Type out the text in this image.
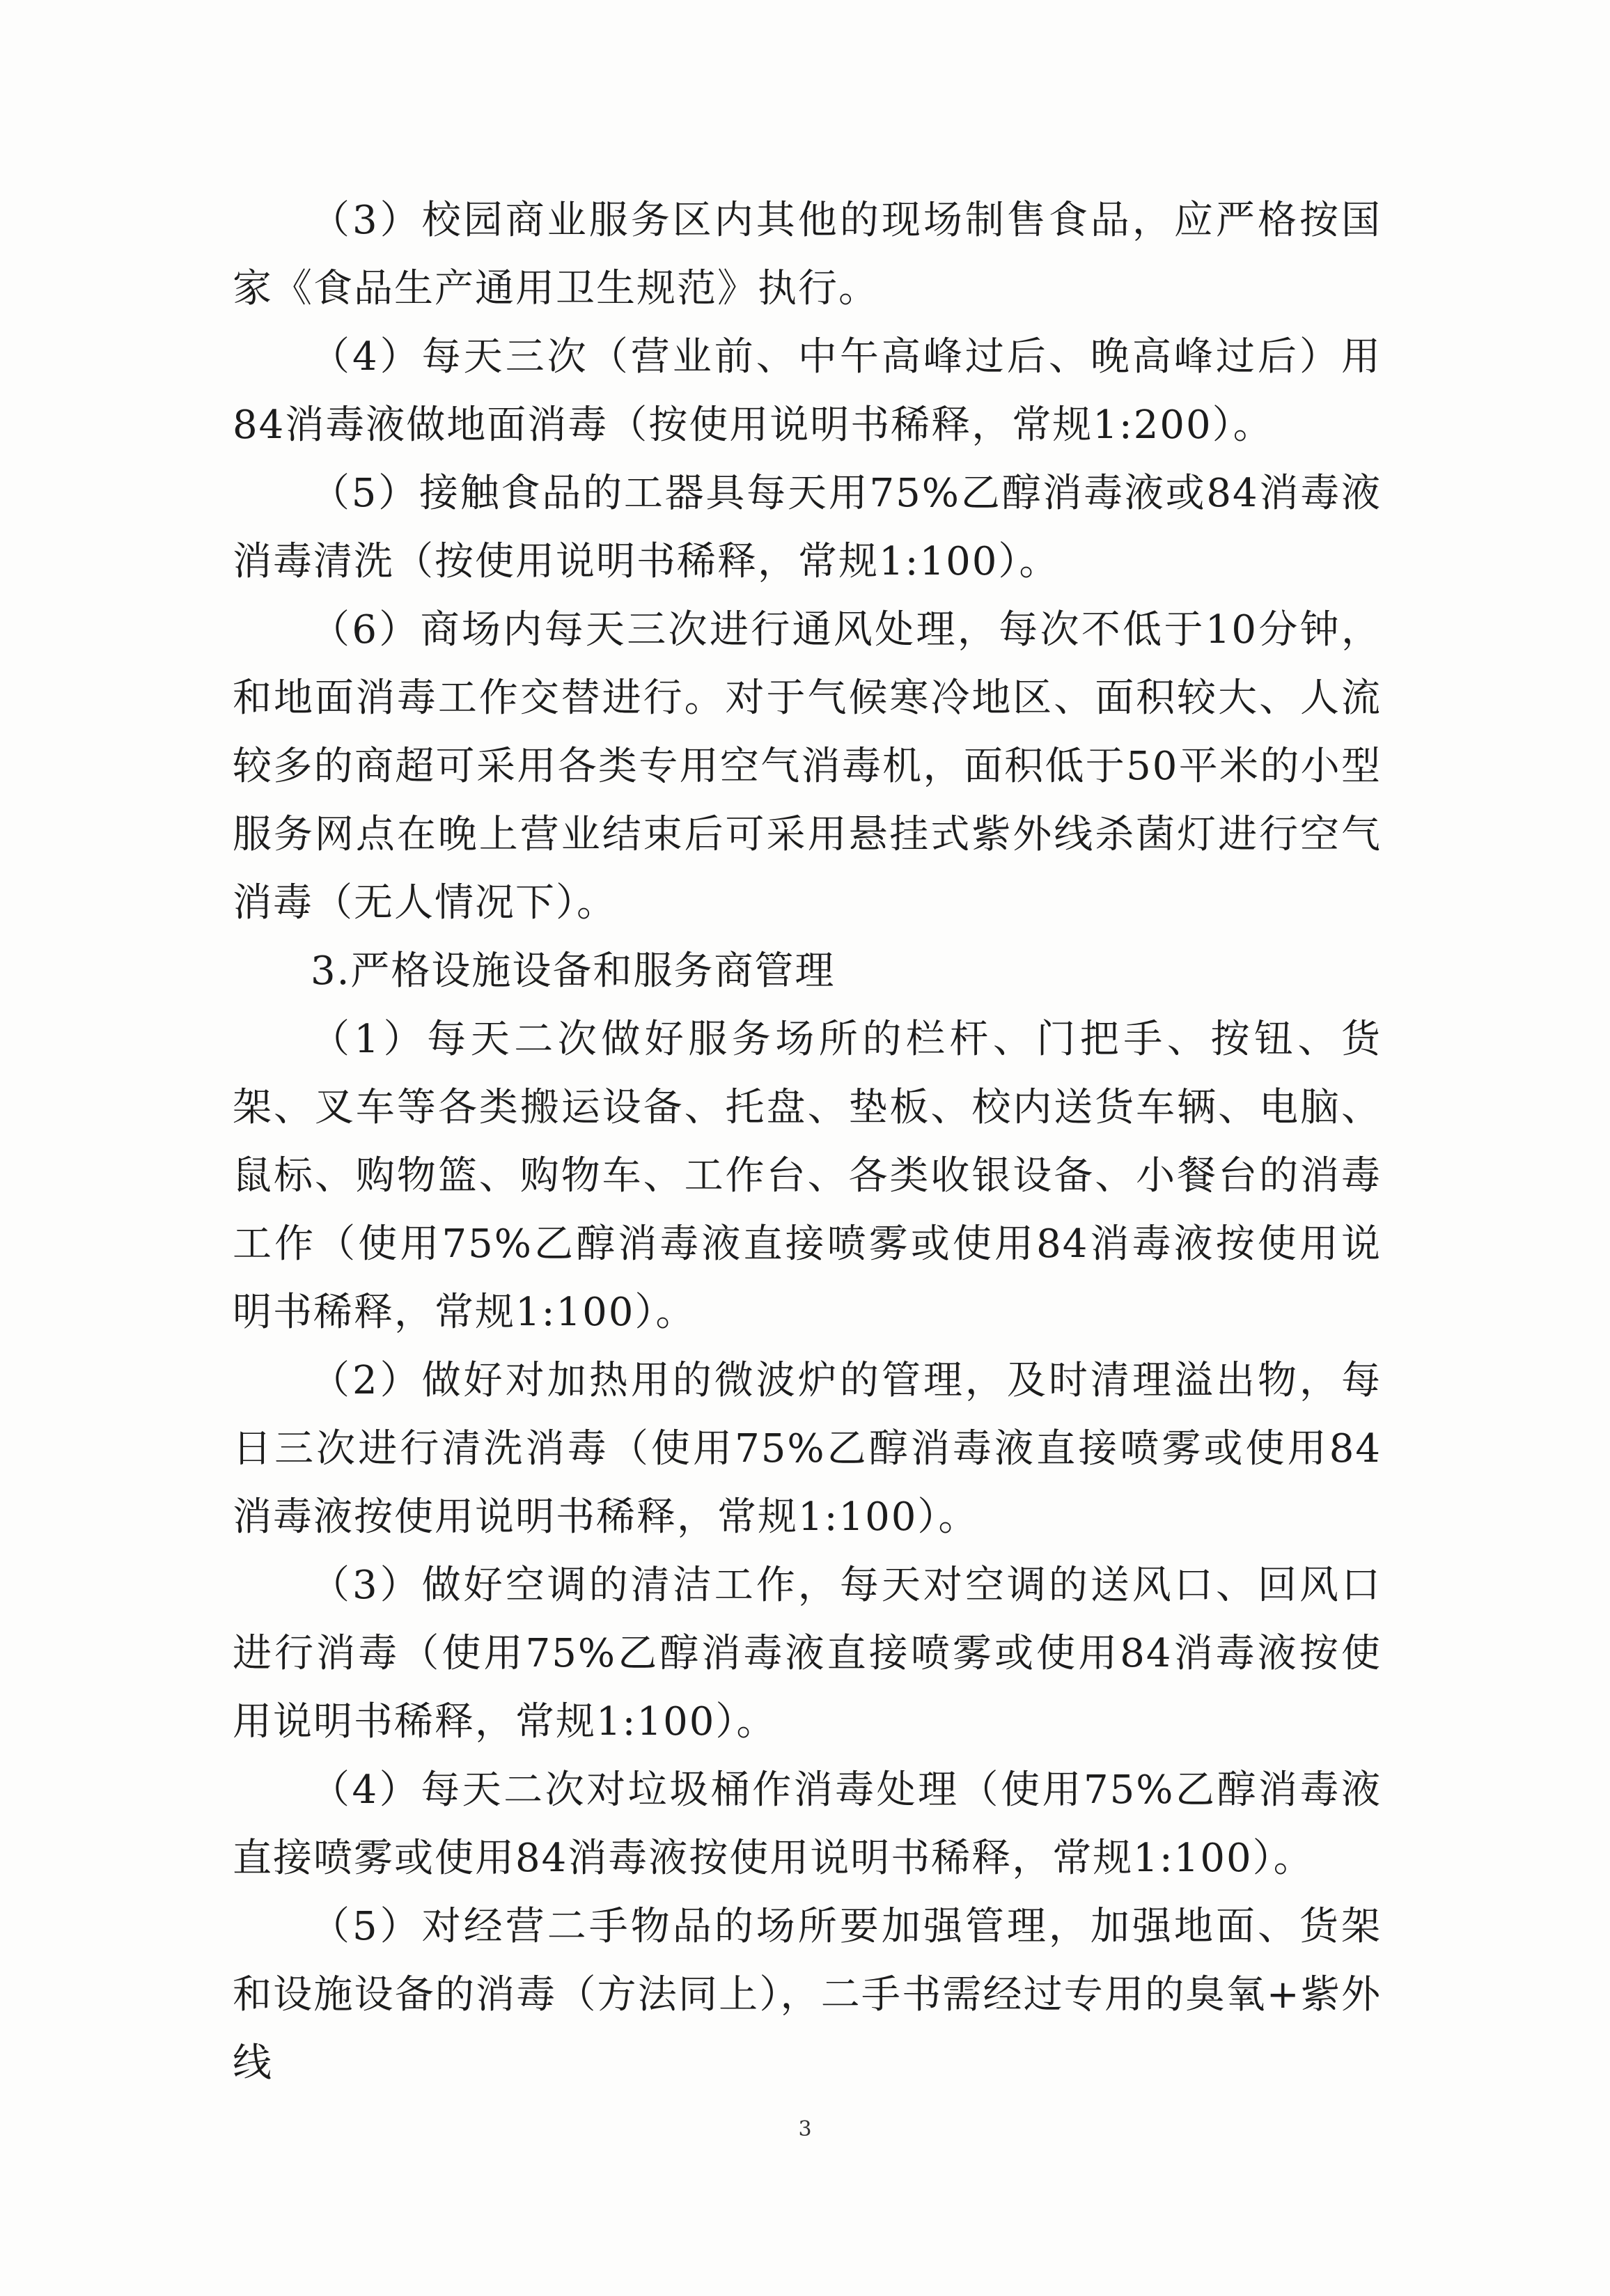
（3）校园商业服务区内其他的现场制售食品，应严格按国家《食品生产通用卫生规范》执行。

（4）每天三次（营业前、中午高峰过后、晚高峰过后）用84消毒液做地面消毒（按使用说明书稀释，常规1:200）。

（5）接触食品的工器具每天用75%乙醇消毒液或84消毒液消毒清洗（按使用说明书稀释，常规1:100）。

（6）商场内每天三次进行通风处理，每次不低于10分钟，和地面消毒工作交替进行。对于气候寒冷地区、面积较大、人流较多的商超可采用各类专用空气消毒机，面积低于50平米的小型服务网点在晚上营业结束后可采用悬挂式紫外线杀菌灯进行空气消毒（无人情况下）。

3.严格设施设备和服务商管理

（1）每天二次做好服务场所的栏杆、门把手、按钮、货架、叉车等各类搬运设备、托盘、垫板、校内送货车辆、电脑、鼠标、购物篮、购物车、工作台、各类收银设备、小餐台的消毒工作（使用75%乙醇消毒液直接喷雾或使用84消毒液按使用说明书稀释，常规1:100）。

（2）做好对加热用的微波炉的管理，及时清理溢出物，每日三次进行清洗消毒（使用75%乙醇消毒液直接喷雾或使用84消毒液按使用说明书稀释，常规1:100）。

（3）做好空调的清洁工作，每天对空调的送风口、回风口进行消毒（使用75%乙醇消毒液直接喷雾或使用84消毒液按使用说明书稀释，常规1:100）。

（4）每天二次对垃圾桶作消毒处理（使用75%乙醇消毒液直接喷雾或使用84消毒液按使用说明书稀释，常规1:100）。

（5）对经营二手物品的场所要加强管理，加强地面、货架和设施设备的消毒（方法同上），二手书需经过专用的臭氧+紫外线

3
